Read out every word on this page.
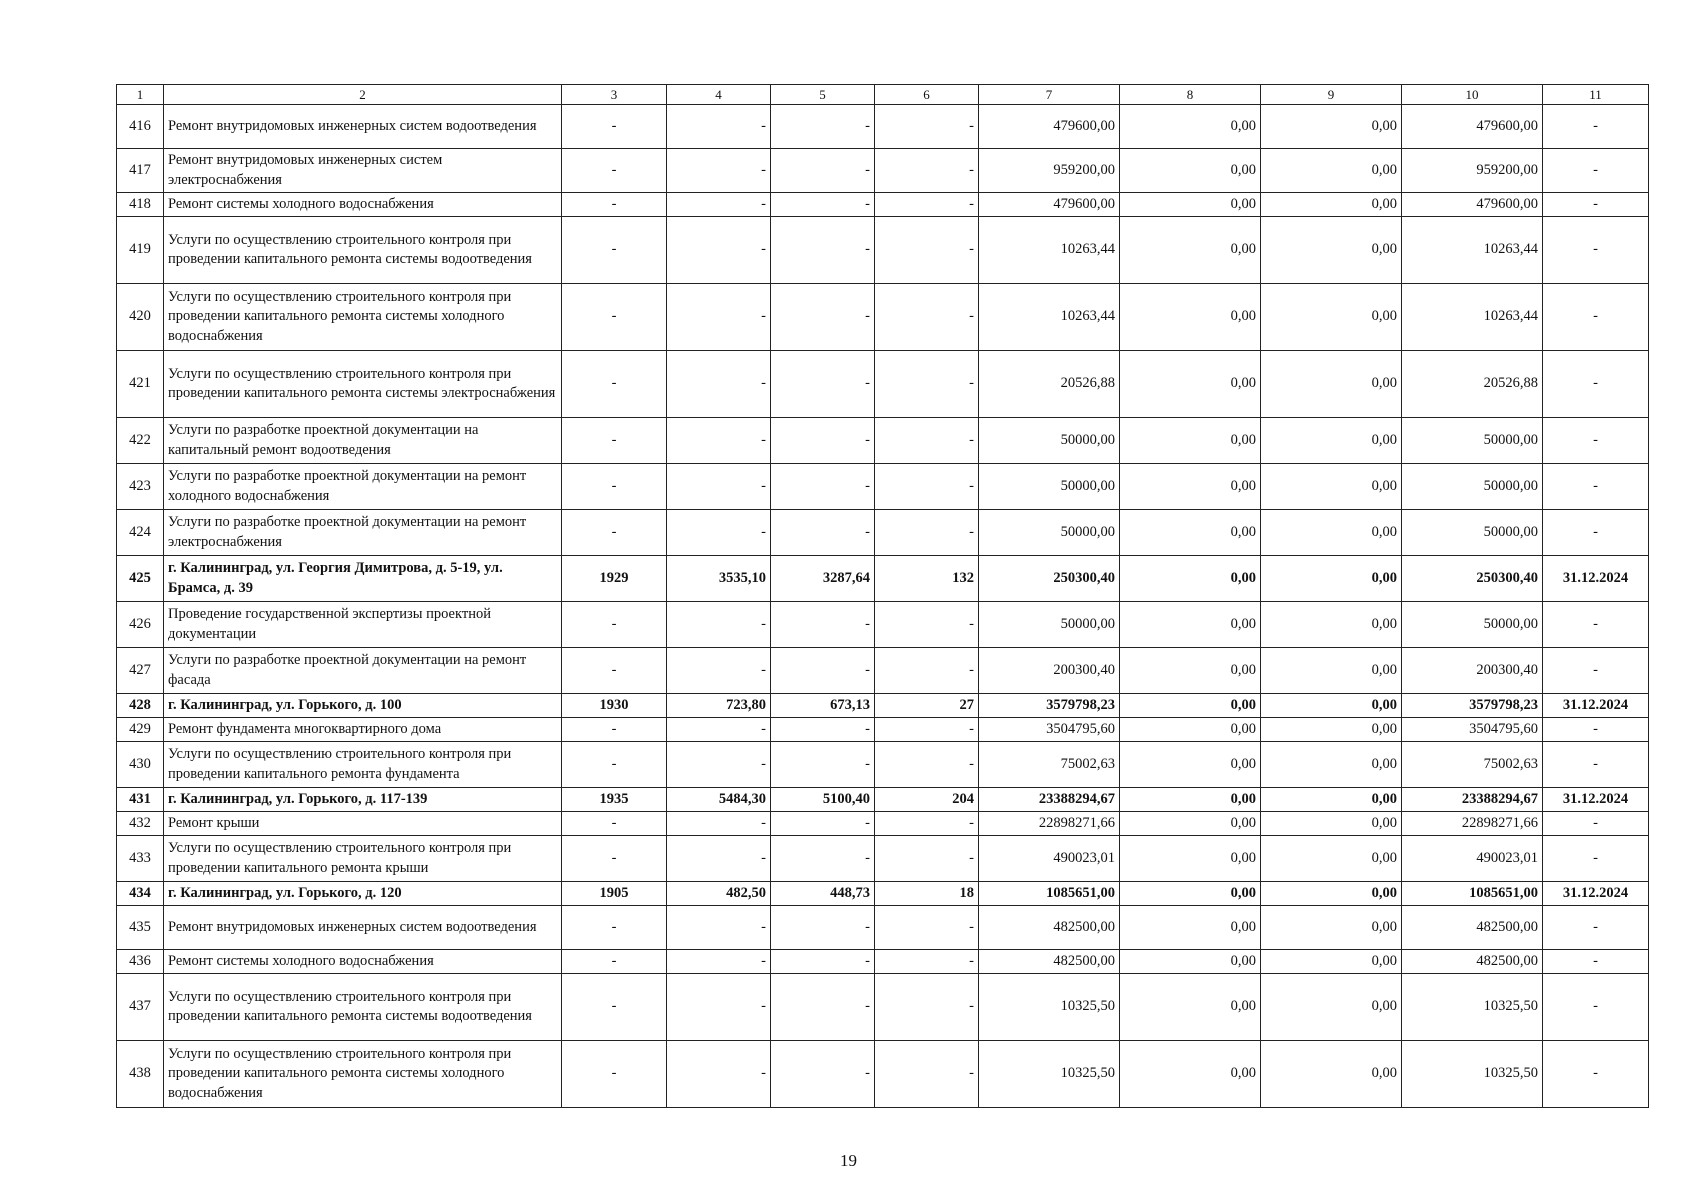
1	2	3	4	5	6	7	8	9	10	11
416	Ремонт внутридомовых инженерных систем водоотведения	-	-	-	-	479600,00	0,00	0,00	479600,00	-
417	Ремонт внутридомовых инженерных систем электроснабжения	-	-	-	-	959200,00	0,00	0,00	959200,00	-
418	Ремонт системы холодного водоснабжения	-	-	-	-	479600,00	0,00	0,00	479600,00	-
419	Услуги по осуществлению строительного контроля при проведении капитального ремонта системы водоотведения	-	-	-	-	10263,44	0,00	0,00	10263,44	-
420	Услуги по осуществлению строительного контроля при проведении капитального ремонта системы холодного водоснабжения	-	-	-	-	10263,44	0,00	0,00	10263,44	-
421	Услуги по осуществлению строительного контроля при проведении капитального ремонта системы электроснабжения	-	-	-	-	20526,88	0,00	0,00	20526,88	-
422	Услуги по разработке проектной документации на капитальный ремонт водоотведения	-	-	-	-	50000,00	0,00	0,00	50000,00	-
423	Услуги по разработке проектной документации на ремонт холодного водоснабжения	-	-	-	-	50000,00	0,00	0,00	50000,00	-
424	Услуги по разработке проектной документации на ремонт электроснабжения	-	-	-	-	50000,00	0,00	0,00	50000,00	-
425	г. Калининград, ул. Георгия Димитрова, д. 5-19, ул. Брамса, д. 39	1929	3535,10	3287,64	132	250300,40	0,00	0,00	250300,40	31.12.2024
426	Проведение государственной экспертизы проектной документации	-	-	-	-	50000,00	0,00	0,00	50000,00	-
427	Услуги по разработке проектной документации на ремонт фасада	-	-	-	-	200300,40	0,00	0,00	200300,40	-
428	г. Калининград, ул. Горького, д. 100	1930	723,80	673,13	27	3579798,23	0,00	0,00	3579798,23	31.12.2024
429	Ремонт фундамента многоквартирного дома	-	-	-	-	3504795,60	0,00	0,00	3504795,60	-
430	Услуги по осуществлению строительного контроля при проведении капитального ремонта фундамента	-	-	-	-	75002,63	0,00	0,00	75002,63	-
431	г. Калининград, ул. Горького, д. 117-139	1935	5484,30	5100,40	204	23388294,67	0,00	0,00	23388294,67	31.12.2024
432	Ремонт крыши	-	-	-	-	22898271,66	0,00	0,00	22898271,66	-
433	Услуги по осуществлению строительного контроля при проведении капитального ремонта крыши	-	-	-	-	490023,01	0,00	0,00	490023,01	-
434	г. Калининград, ул. Горького, д. 120	1905	482,50	448,73	18	1085651,00	0,00	0,00	1085651,00	31.12.2024
435	Ремонт внутридомовых инженерных систем водоотведения	-	-	-	-	482500,00	0,00	0,00	482500,00	-
436	Ремонт системы холодного водоснабжения	-	-	-	-	482500,00	0,00	0,00	482500,00	-
437	Услуги по осуществлению строительного контроля при проведении капитального ремонта системы водоотведения	-	-	-	-	10325,50	0,00	0,00	10325,50	-
438	Услуги по осуществлению строительного контроля при проведении капитального ремонта системы холодного водоснабжения	-	-	-	-	10325,50	0,00	0,00	10325,50	-
19
